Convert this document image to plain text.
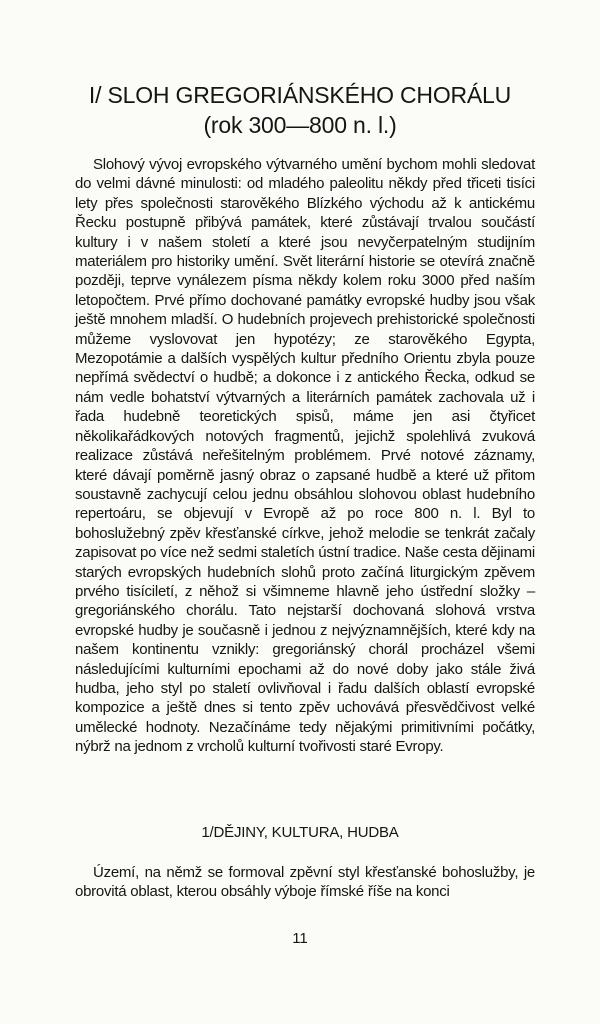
I/ SLOH GREGORIÁNSKÉHO CHORÁLU
(rok 300—800 n. l.)

Slohový vývoj evropského výtvarného umění bychom mohli sledovat do velmi dávné minulosti: od mladého paleolitu někdy před třiceti tisíci lety přes společnosti starověkého Blízkého východu až k antickému Řecku postupně přibývá památek, které zůstávají trvalou součástí kultury i v našem století a které jsou nevyčerpatelným studijním materiálem pro historiky umění. Svět literární historie se otevírá značně později, teprve vynálezem písma někdy kolem roku 3000 před naším letopočtem. Prvé přímo dochované památky evropské hudby jsou však ještě mnohem mladší. O hudebních projevech prehistorické společnosti můžeme vyslovovat jen hypotézy; ze starověkého Egypta, Mezopotámie a dalších vyspělých kultur předního Orientu zbyla pouze nepřímá svědectví o hudbě; a dokonce i z antického Řecka, odkud se nám vedle bohatství výtvarných a literárních památek zachovala už i řada hudebně teoretických spisů, máme jen asi čtyřicet několikařádkových notových fragmentů, jejichž spolehlivá zvuková realizace zůstává neřešitelným problémem. Prvé notové záznamy, které dávají poměrně jasný obraz o zapsané hudbě a které už přitom soustavně zachycují celou jednu obsáhlou slohovou oblast hudebního repertoáru, se objevují v Evropě až po roce 800 n. l. Byl to bohoslužebný zpěv křesťanské církve, jehož melodie se tenkrát začaly zapisovat po více než sedmi staletích ústní tradice. Naše cesta dějinami starých evropských hudebních slohů proto začíná liturgickým zpěvem prvého tisíciletí, z něhož si všimneme hlavně jeho ústřední složky – gregoriánského chorálu. Tato nejstarší dochovaná slohová vrstva evropské hudby je současně i jednou z nejvýznamnějších, které kdy na našem kontinentu vznikly: gregoriánský chorál procházel všemi následujícími kulturními epochami až do nové doby jako stále živá hudba, jeho styl po staletí ovlivňoval i řadu dalších oblastí evropské kompozice a ještě dnes si tento zpěv uchovává přesvědčivost velké umělecké hodnoty. Nezačínáme tedy nějakými primitivními počátky, nýbrž na jednom z vrcholů kulturní tvořivosti staré Evropy.

1/DĚJINY, KULTURA, HUDBA

Území, na němž se formoval zpěvní styl křesťanské bohoslužby, je obrovitá oblast, kterou obsáhly výboje římské říše na konci

11
